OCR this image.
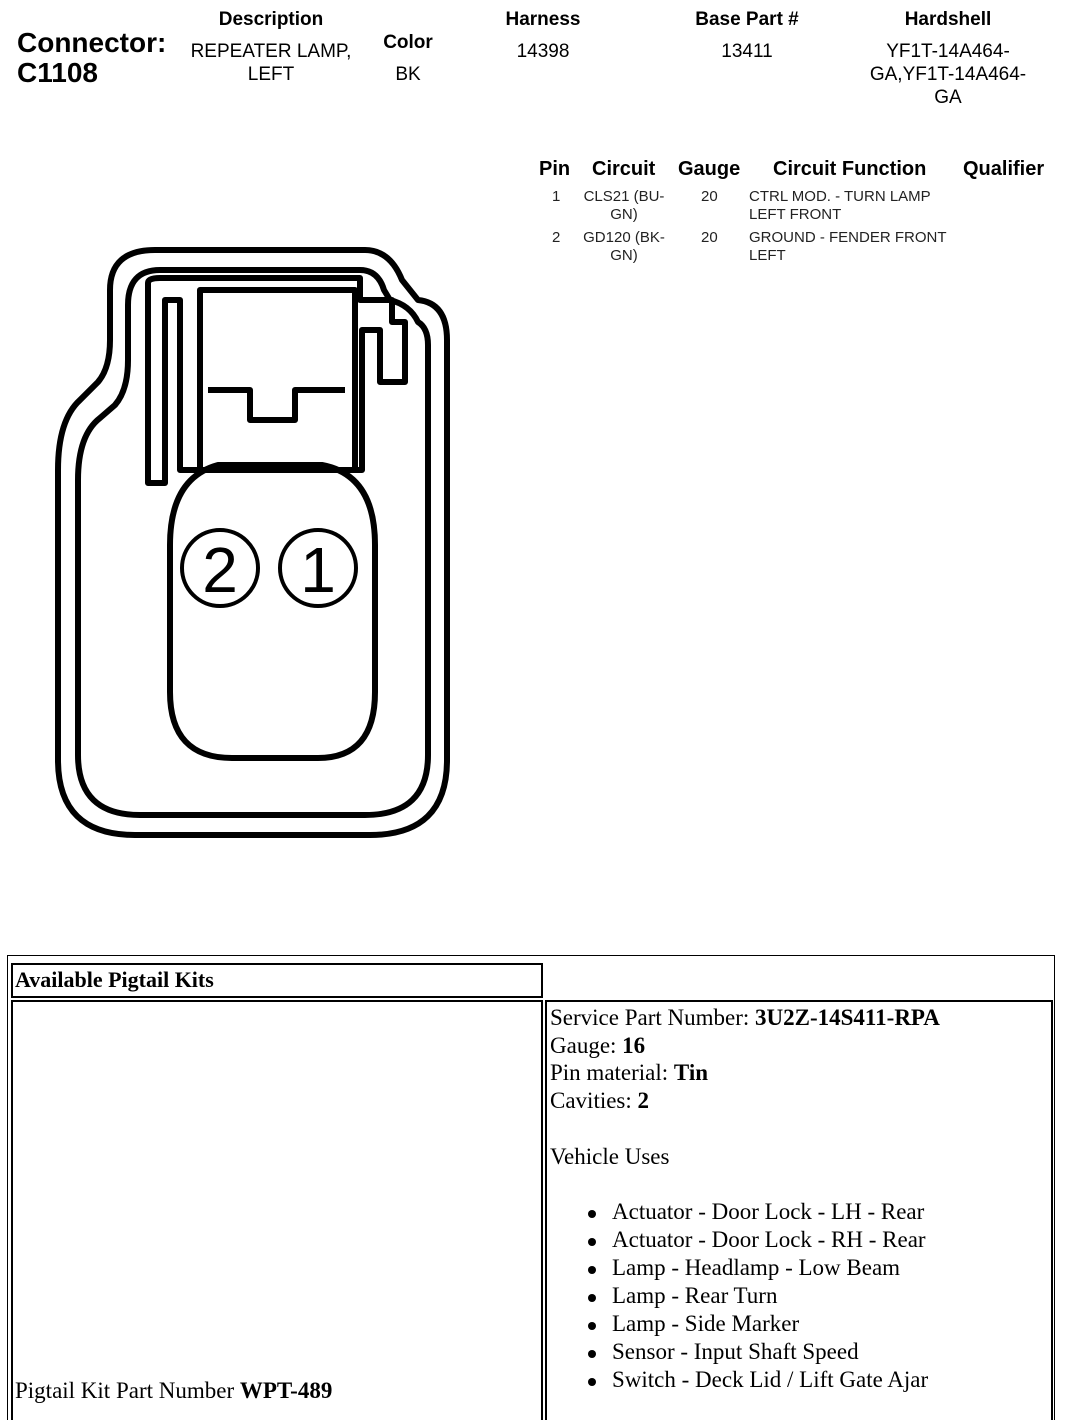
Connector:
C1108
Description
REPEATER LAMP,
LEFT
Color
BK
Harness
14398
Base Part #
13411
Hardshell
YF1T-14A464-
GA,YF1T-14A464-
GA
Pin Circuit Gauge Circuit Function Qualifier
1	CLS21 (BU-
GN)
20 CTRL MOD. - TURN LAMP
LEFT FRONT
2	GD120 (BK-
GN)
20 GROUND - FENDER FRONT
LEFT
2 1
Available Pigtail Kits
Service Part Number: 3U2Z-14S411-RPA
Gauge: 16
Pin material: Tin
Cavities: 2
Vehicle Uses
Actuator - Door Lock - LH - Rear
Actuator - Door Lock - RH - Rear
Lamp - Headlamp - Low Beam
Lamp - Rear Turn
Lamp - Side Marker
Sensor - Input Shaft Speed
Switch - Deck Lid / Lift Gate Ajar
Pigtail Kit Part Number WPT-489
